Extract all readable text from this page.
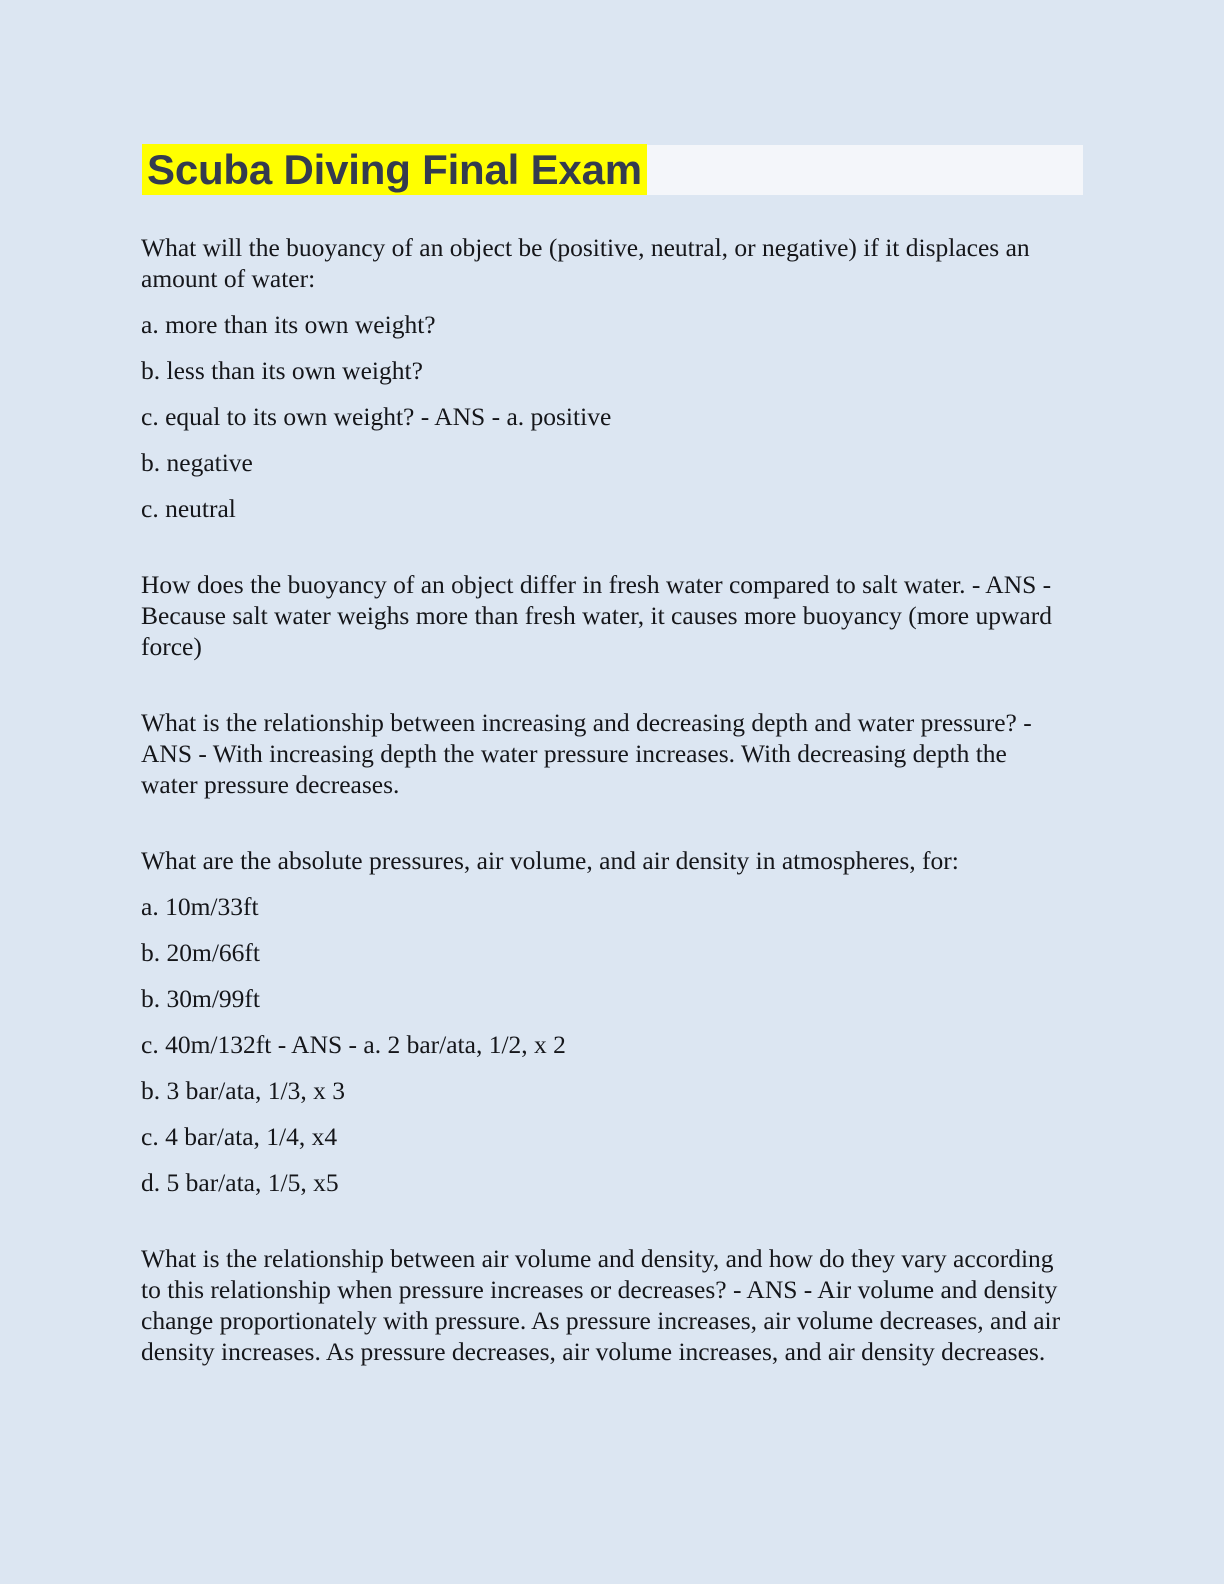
Scuba Diving Final Exam

What will the buoyancy of an object be (positive, neutral, or negative) if it displaces an amount of water:

a. more than its own weight?

b. less than its own weight?

c. equal to its own weight? - ANS - a. positive

b. negative

c. neutral

How does the buoyancy of an object differ in fresh water compared to salt water. - ANS - Because salt water weighs more than fresh water, it causes more buoyancy (more upward force)

What is the relationship between increasing and decreasing depth and water pressure? - ANS - With increasing depth the water pressure increases. With decreasing depth the water pressure decreases.

What are the absolute pressures, air volume, and air density in atmospheres, for:

a. 10m/33ft

b. 20m/66ft

b. 30m/99ft

c. 40m/132ft - ANS - a. 2 bar/ata, 1/2, x 2

b. 3 bar/ata, 1/3, x 3

c. 4 bar/ata, 1/4, x4

d. 5 bar/ata, 1/5, x5

What is the relationship between air volume and density, and how do they vary according to this relationship when pressure increases or decreases? - ANS - Air volume and density change proportionately with pressure. As pressure increases, air volume decreases, and air density increases. As pressure decreases, air volume increases, and air density decreases.
